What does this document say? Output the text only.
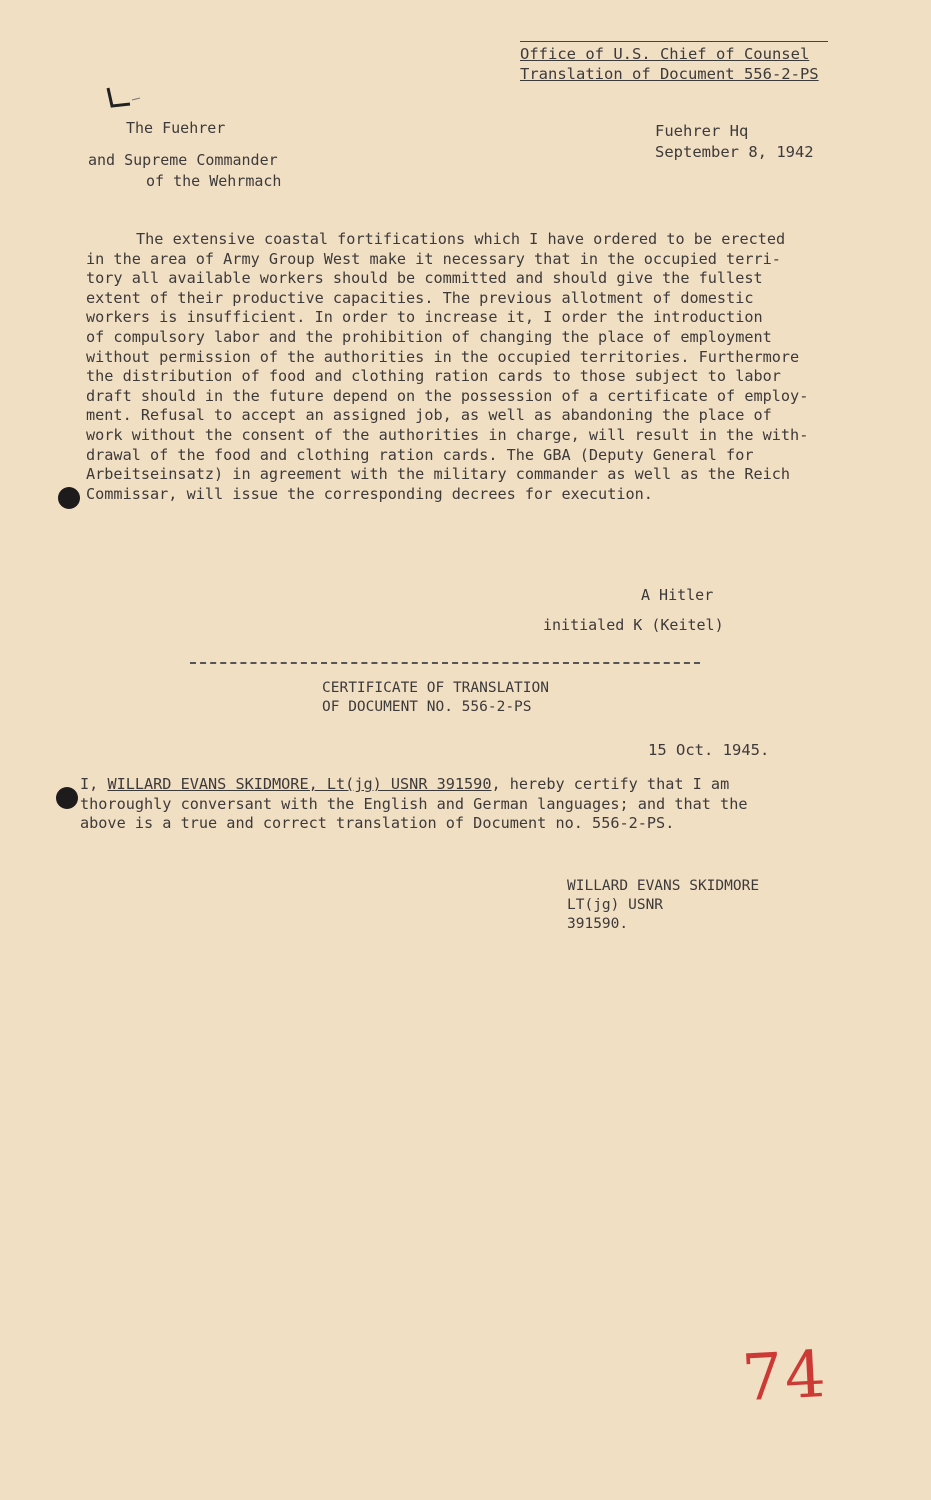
Office of U.S. Chief of Counsel
Translation of Document 556-2-PS
The Fuehrer
and Supreme Commander
of the Wehrmach
Fuehrer Hq
September 8, 1942
The extensive coastal fortifications which I have ordered to be erected
in the area of Army Group West make it necessary that in the occupied terri-
tory all available workers should be committed and should give the fullest
extent of their productive capacities. The previous allotment of domestic
workers is insufficient. In order to increase it, I order the introduction
of compulsory labor and the prohibition of changing the place of employment
without permission of the authorities in the occupied territories. Furthermore
the distribution of food and clothing ration cards to those subject to labor
draft should in the future depend on the possession of a certificate of employ-
ment. Refusal to accept an assigned job, as well as abandoning the place of
work without the consent of the authorities in charge, will result in the with-
drawal of the food and clothing ration cards. The GBA (Deputy General for
Arbeitseinsatz) in agreement with the military commander as well as the Reich
Commissar, will issue the corresponding decrees for execution.
A Hitler
initialed K (Keitel)
CERTIFICATE OF TRANSLATION
OF DOCUMENT NO. 556-2-PS
15 Oct. 1945.
I, WILLARD EVANS SKIDMORE, Lt(jg) USNR 391590, hereby certify that I am
thoroughly conversant with the English and German languages; and that the
above is a true and correct translation of Document no. 556-2-PS.
WILLARD EVANS SKIDMORE
LT(jg) USNR
391590.
74
